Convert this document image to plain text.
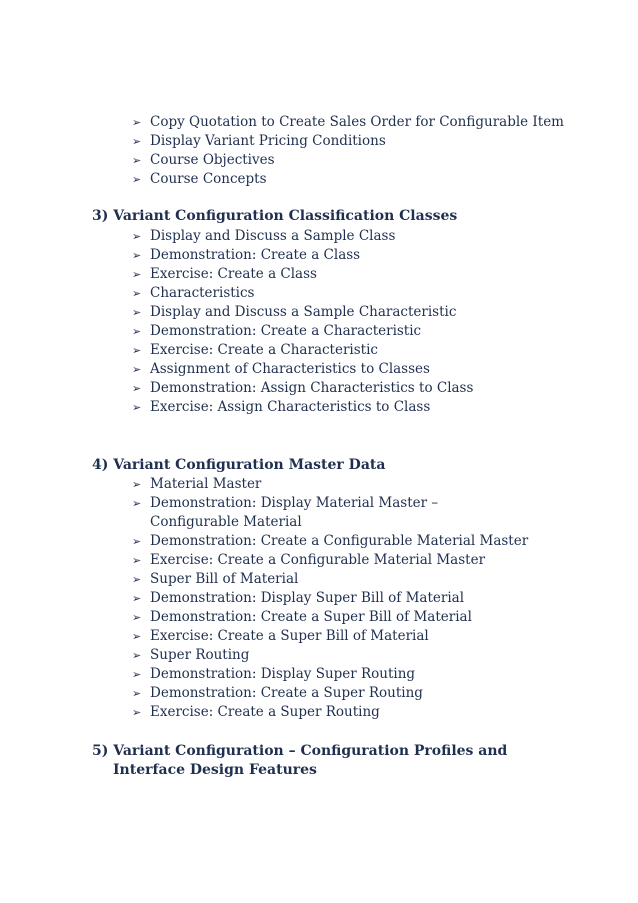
➢ Copy Quotation to Create Sales Order for Configurable Item
➢ Display Variant Pricing Conditions
➢ Course Objectives
➢ Course Concepts
3) Variant Configuration Classification Classes
➢ Display and Discuss a Sample Class
➢ Demonstration: Create a Class
➢ Exercise: Create a Class
➢ Characteristics
➢ Display and Discuss a Sample Characteristic
➢ Demonstration: Create a Characteristic
➢ Exercise: Create a Characteristic
➢ Assignment of Characteristics to Classes
➢ Demonstration: Assign Characteristics to Class
➢ Exercise: Assign Characteristics to Class
4) Variant Configuration Master Data
➢ Material Master
➢ Demonstration: Display Material Master – Configurable Material
➢ Demonstration: Create a Configurable Material Master
➢ Exercise: Create a Configurable Material Master
➢ Super Bill of Material
➢ Demonstration: Display Super Bill of Material
➢ Demonstration: Create a Super Bill of Material
➢ Exercise: Create a Super Bill of Material
➢ Super Routing
➢ Demonstration: Display Super Routing
➢ Demonstration: Create a Super Routing
➢ Exercise: Create a Super Routing
5) Variant Configuration – Configuration Profiles and
Interface Design Features
